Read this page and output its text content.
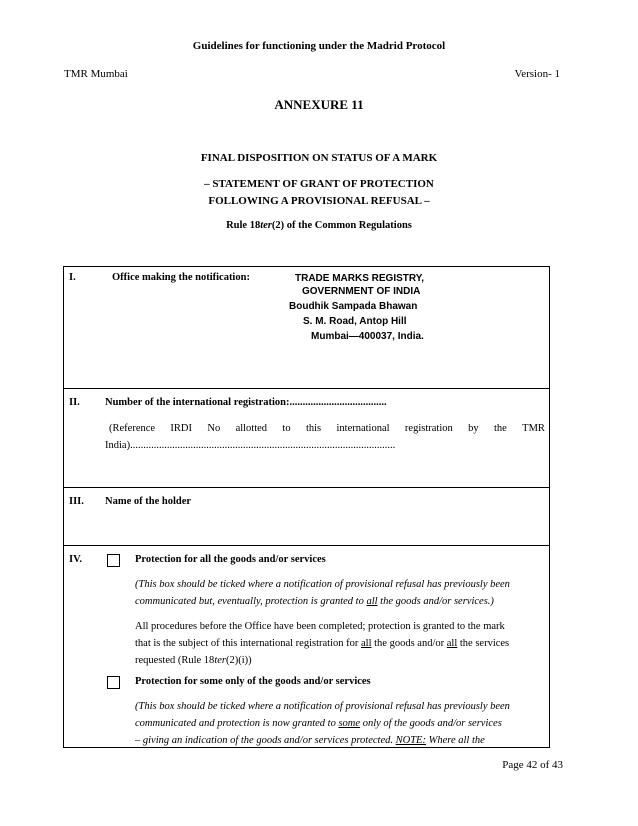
Guidelines for functioning under the Madrid Protocol
TMR Mumbai	Version- 1
ANNEXURE 11
FINAL DISPOSITION ON STATUS OF A MARK
– STATEMENT OF GRANT OF PROTECTION
FOLLOWING A PROVISIONAL REFUSAL –
Rule 18ter(2) of the Common Regulations
I.	Office making the notification:	TRADE MARKS REGISTRY,
GOVERNMENT OF INDIA
Boudhik Sampada Bhawan
S. M. Road, Antop Hill
Mumbai—400037, India.
II. Number of the international registration:.....................................
(Reference IRDI No allotted to this international registration by the TMR
India).....................................................................................................
III. Name of the holder
IV.	Protection for all the goods and/or services
(This box should be ticked where a notification of provisional refusal has previously been
communicated but, eventually, protection is granted to all the goods and/or services.)
All procedures before the Office have been completed; protection is granted to the mark
that is the subject of this international registration for all the goods and/or all the services
requested (Rule 18ter(2)(i))
Protection for some only of the goods and/or services
(This box should be ticked where a notification of provisional refusal has previously been
communicated and protection is now granted to some only of the goods and/or services
– giving an indication of the goods and/or services protected. NOTE: Where all the
Page 42 of 43
